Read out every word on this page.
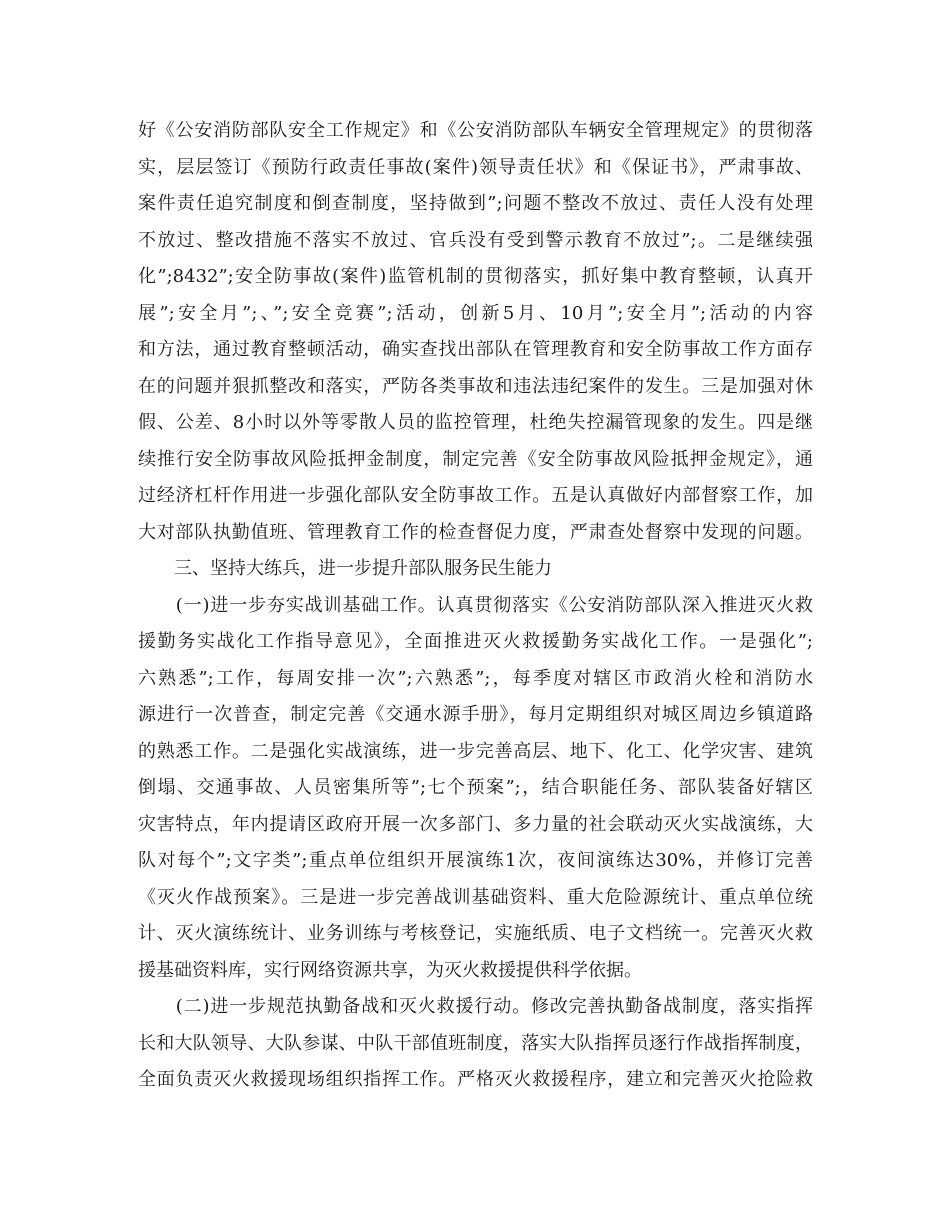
好《公安消防部队安全工作规定》和《公安消防部队车辆安全管理规定》的贯彻落
实，层层签订《预防行政责任事故(案件)领导责任状》和《保证书》，严肃事故、
案件责任追究制度和倒查制度，坚持做到”;问题不整改不放过、责任人没有处理
不放过、整改措施不落实不放过、官兵没有受到警示教育不放过”;。二是继续强
化”;8432”;安全防事故(案件)监管机制的贯彻落实，抓好集中教育整顿，认真开
展”;安全月”;、”;安全竞赛”;活动，创新5月、10月”;安全月”;活动的内容
和方法，通过教育整顿活动，确实查找出部队在管理教育和安全防事故工作方面存
在的问题并狠抓整改和落实，严防各类事故和违法违纪案件的发生。三是加强对休
假、公差、8小时以外等零散人员的监控管理，杜绝失控漏管现象的发生。四是继
续推行安全防事故风险抵押金制度，制定完善《安全防事故风险抵押金规定》，通
过经济杠杆作用进一步强化部队安全防事故工作。五是认真做好内部督察工作，加
大对部队执勤值班、管理教育工作的检查督促力度，严肃查处督察中发现的问题。
　　三、坚持大练兵，进一步提升部队服务民生能力
　　(一)进一步夯实战训基础工作。认真贯彻落实《公安消防部队深入推进灭火救
援勤务实战化工作指导意见》，全面推进灭火救援勤务实战化工作。一是强化”;
六熟悉”;工作，每周安排一次”;六熟悉”;，每季度对辖区市政消火栓和消防水
源进行一次普查，制定完善《交通水源手册》，每月定期组织对城区周边乡镇道路
的熟悉工作。二是强化实战演练，进一步完善高层、地下、化工、化学灾害、建筑
倒塌、交通事故、人员密集所等”;七个预案”;，结合职能任务、部队装备好辖区
灾害特点，年内提请区政府开展一次多部门、多力量的社会联动灭火实战演练，大
队对每个”;文字类”;重点单位组织开展演练1次，夜间演练达30%，并修订完善
《灭火作战预案》。三是进一步完善战训基础资料、重大危险源统计、重点单位统
计、灭火演练统计、业务训练与考核登记，实施纸质、电子文档统一。完善灭火救
援基础资料库，实行网络资源共享，为灭火救援提供科学依据。
　　(二)进一步规范执勤备战和灭火救援行动。修改完善执勤备战制度，落实指挥
长和大队领导、大队参谋、中队干部值班制度，落实大队指挥员逐行作战指挥制度，
全面负责灭火救援现场组织指挥工作。严格灭火救援程序，建立和完善灭火抢险救
